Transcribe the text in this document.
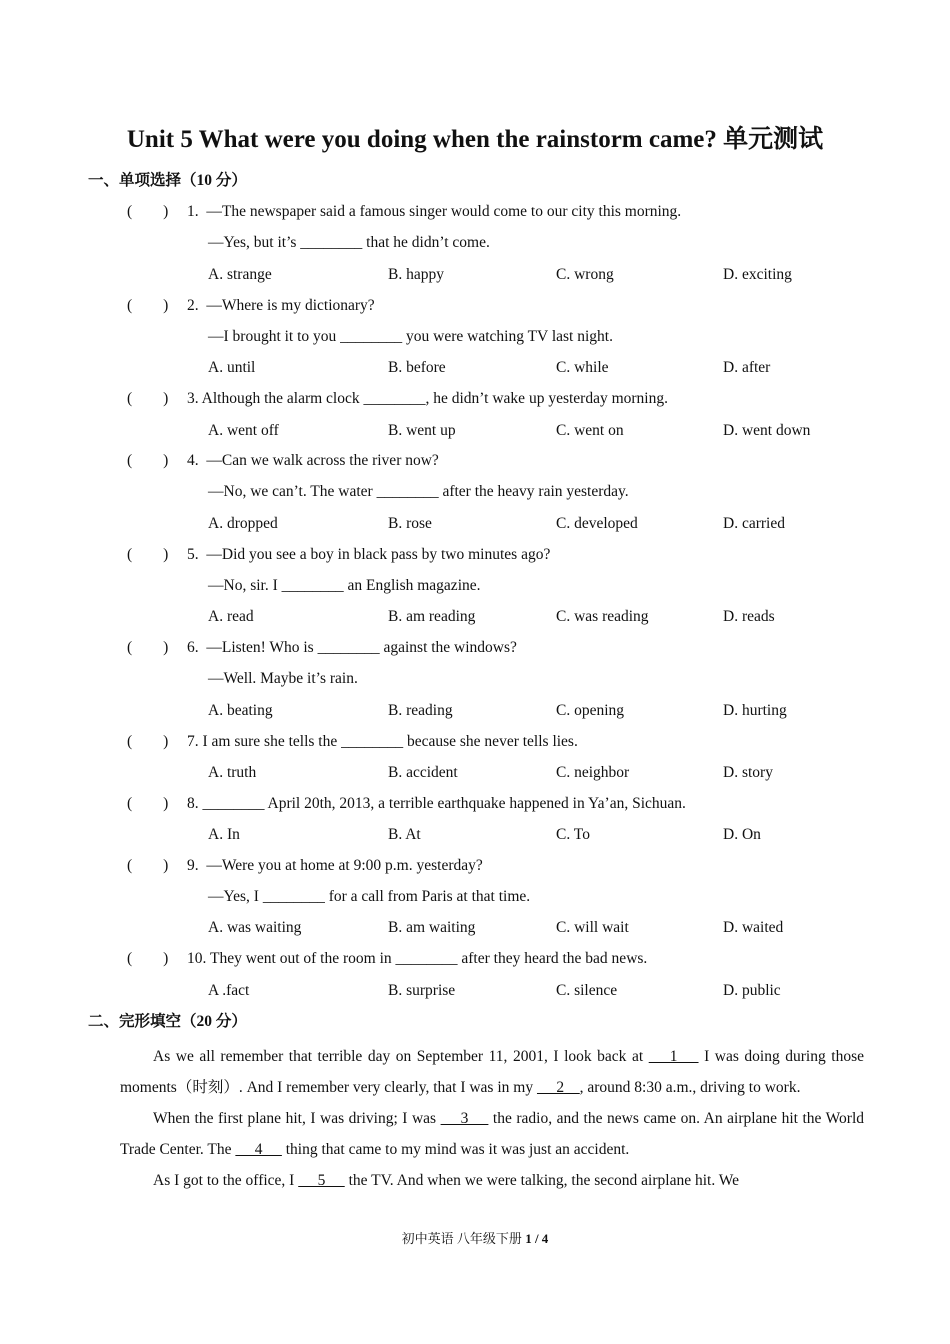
Unit 5 What were you doing when the rainstorm came? 单元测试
一、单项选择（10 分）
(        ) 1.  —The newspaper said a famous singer would come to our city this morning.
—Yes, but it’s ________ that he didn’t come.
A. strange	B. happy	C. wrong	D. exciting
(        ) 2.  —Where is my dictionary?
—I brought it to you ________ you were watching TV last night.
A. until	B. before	C. while	D. after
(        ) 3. Although the alarm clock ________, he didn’t wake up yesterday morning.
A. went off	B. went up	C. went on	D. went down
(        ) 4.  —Can we walk across the river now?
—No, we can’t. The water ________ after the heavy rain yesterday.
A. dropped	B. rose	C. developed	D. carried
(        ) 5.  —Did you see a boy in black pass by two minutes ago?
—No, sir. I ________ an English magazine.
A. read	B. am reading	C. was reading	D. reads
(        ) 6.  —Listen! Who is ________ against the windows?
—Well. Maybe it’s rain.
A. beating	B. reading	C. opening	D. hurting
(        ) 7. I am sure she tells the ________ because she never tells lies.
A. truth	B. accident	C. neighbor	D. story
(        ) 8. ________ April 20th, 2013, a terrible earthquake happened in Ya’an, Sichuan.
A. In	B. At	C. To	D. On
(        ) 9.  —Were you at home at 9:00 p.m. yesterday?
—Yes, I ________ for a call from Paris at that time.
A. was waiting	B. am waiting	C. will wait	D. waited
(        ) 10. They went out of the room in ________ after they heard the bad news.
A .fact	B. surprise	C. silence	D. public
二、完形填空（20 分）

As we all remember that terrible day on September 11, 2001, I look back at  __1__  I was doing during those moments（时刻）. And I remember very clearly, that I was in my  __2__, around 8:30 a.m., driving to work.

When the first plane hit, I was driving; I was  __3__  the radio, and the news came on. An airplane hit the World Trade Center. The  __4__  thing that came to my mind was it was just an accident.

As I got to the office, I  __5__  the TV. And when we were talking, the second airplane hit. We

初中英语 八年级下册 1 / 4
